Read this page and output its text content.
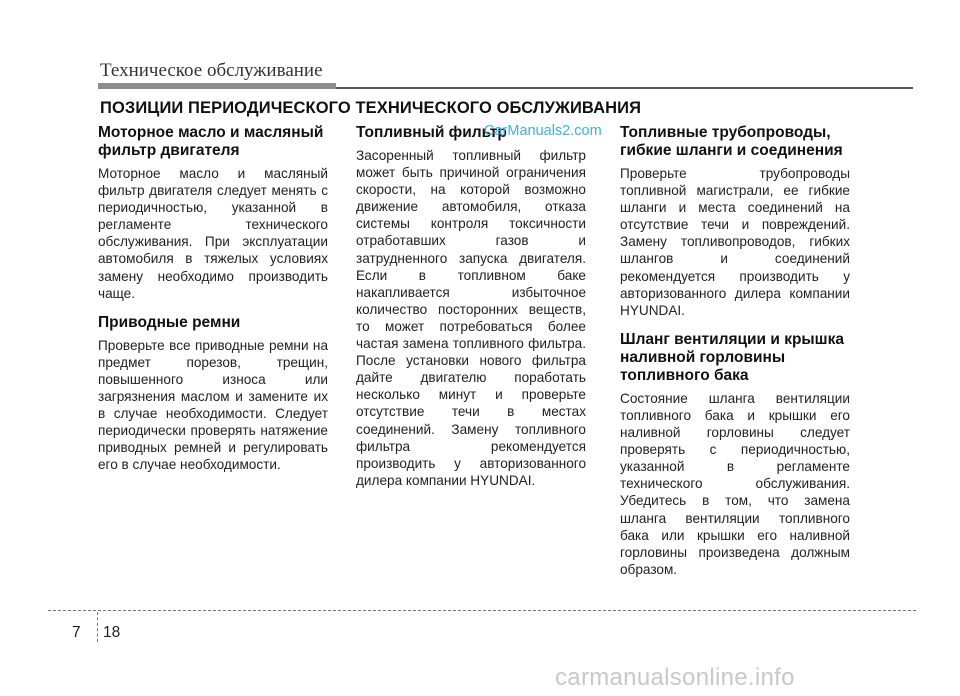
Техническое обслуживание
ПОЗИЦИИ ПЕРИОДИЧЕСКОГО ТЕХНИЧЕСКОГО ОБСЛУЖИВАНИЯ
Моторное масло и масляный фильтр двигателя

Моторное масло и масляный фильтр двигателя следует менять с периодичностью, указанной в регламенте технического обслуживания. При эксплуатации автомобиля в тяжелых условиях замену необходимо производить чаще.

Приводные ремни

Проверьте все приводные ремни на предмет порезов, трещин, повышенного износа или загрязнения маслом и замените их в случае необходимости. Следует периодически проверять натяжение приводных ремней и регулировать его в случае необходимости.

Топливный фильтр

Засоренный топливный фильтр может быть причиной ограничения скорости, на которой возможно движение автомобиля, отказа системы контроля токсичности отработавших газов и затрудненного запуска двигателя. Если в топливном баке накапливается избыточное количество посторонних веществ, то может потребоваться более частая замена топливного фильтра. После установки нового фильтра дайте двигателю поработать несколько минут и проверьте отсутствие течи в местах соединений. Замену топливного фильтра рекомендуется производить у авторизованного дилера компании HYUNDAI.

Топливные трубопроводы, гибкие шланги и соединения

Проверьте трубопроводы топливной магистрали, ее гибкие шланги и места соединений на отсутствие течи и повреждений. Замену топливопроводов, гибких шлангов и соединений рекомендуется производить у авторизованного дилера компании HYUNDAI.

Шланг вентиляции и крышка наливной горловины топливного бака

Состояние шланга вентиляции топливного бака и крышки его наливной горловины следует проверять с периодичностью, указанной в регламенте технического обслуживания. Убедитесь в том, что замена шланга вентиляции топливного бака или крышки его наливной горловины произведена должным образом.

CarManuals2.com
7 18
carmanualsonline.info
